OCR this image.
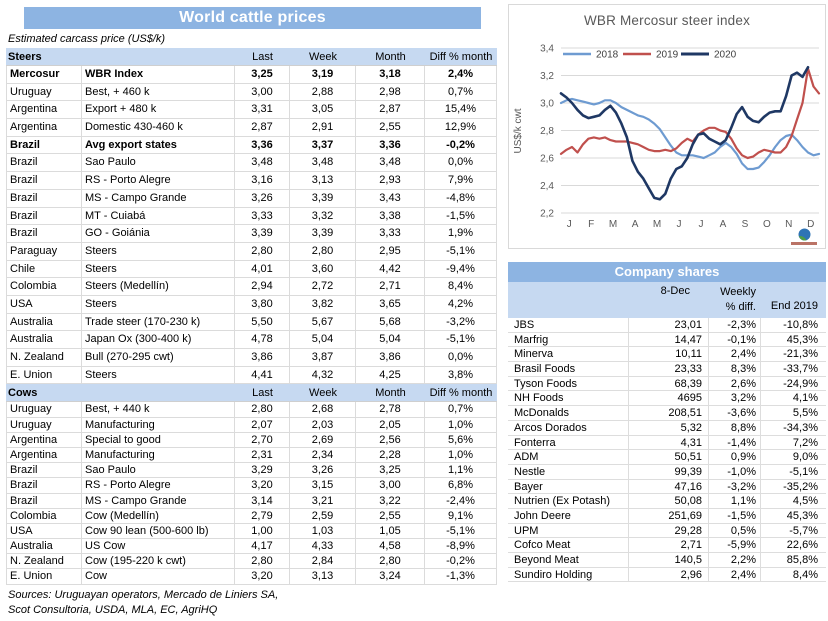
World cattle prices
Estimated carcass price (US$/k)
Steers	Last	Week	Month	Diff % month
Mercosur	WBR Index	3,25	3,19	3,18	2,4%
Uruguay	Best, + 460 k	3,00	2,88	2,98	0,7%
Argentina	Export + 480 k	3,31	3,05	2,87	15,4%
Argentina	Domestic 430-460 k	2,87	2,91	2,55	12,9%
Brazil	Avg export states	3,36	3,37	3,36	-0,2%
Brazil	Sao Paulo	3,48	3,48	3,48	0,0%
Brazil	RS - Porto Alegre	3,16	3,13	2,93	7,9%
Brazil	MS - Campo Grande	3,26	3,39	3,43	-4,8%
Brazil	MT - Cuiabá	3,33	3,32	3,38	-1,5%
Brazil	GO - Goiánia	3,39	3,39	3,33	1,9%
Paraguay	Steers	2,80	2,80	2,95	-5,1%
Chile	Steers	4,01	3,60	4,42	-9,4%
Colombia	Steers (Medellín)	2,94	2,72	2,71	8,4%
USA	Steers	3,80	3,82	3,65	4,2%
Australia	Trade steer (170-230 k)	5,50	5,67	5,68	-3,2%
Australia	Japan Ox (300-400 k)	4,78	5,04	5,04	-5,1%
N. Zealand	Bull (270-295 cwt)	3,86	3,87	3,86	0,0%
E. Union	Steers	4,41	4,32	4,25	3,8%
Cows	Last	Week	Month	Diff % month
Uruguay	Best, + 440 k	2,80	2,68	2,78	0,7%
Uruguay	Manufacturing	2,07	2,03	2,05	1,0%
Argentina	Special to good	2,70	2,69	2,56	5,6%
Argentina	Manufacturing	2,31	2,34	2,28	1,0%
Brazil	Sao Paulo	3,29	3,26	3,25	1,1%
Brazil	RS - Porto Alegre	3,20	3,15	3,00	6,8%
Brazil	MS - Campo Grande	3,14	3,21	3,22	-2,4%
Colombia	Cow (Medellín)	2,79	2,59	2,55	9,1%
USA	Cow 90 lean (500-600 lb)	1,00	1,03	1,05	-5,1%
Australia	US Cow	4,17	4,33	4,58	-8,9%
N. Zealand	Cow (195-220 k cwt)	2,80	2,84	2,80	-0,2%
E. Union	Cow	3,20	3,13	3,24	-1,3%
Sources: Uruguayan operators, Mercado de Liniers SA,
Scot Consultoria, USDA, MLA, EC, AgriHQ
WBR Mercosur steer index
2,2
2,4
2,6
2,8
3,0
3,2
3,4
J F M A M J J A S O N D
US$/k cwt
2018	2019	2020
Company shares
8-Dec	Weekly
% diff.	End 2019
JBS	23,01	-2,3%	-10,8%
Marfrig	14,47	-0,1%	45,3%
Minerva	10,11	2,4%	-21,3%
Brasil Foods	23,33	8,3%	-33,7%
Tyson Foods	68,39	2,6%	-24,9%
NH Foods	4695	3,2%	4,1%
McDonalds	208,51	-3,6%	5,5%
Arcos Dorados	5,32	8,8%	-34,3%
Fonterra	4,31	-1,4%	7,2%
ADM	50,51	0,9%	9,0%
Nestle	99,39	-1,0%	-5,1%
Bayer	47,16	-3,2%	-35,2%
Nutrien (Ex Potash)	50,08	1,1%	4,5%
John Deere	251,69	-1,5%	45,3%
UPM	29,28	0,5%	-5,7%
Cofco Meat	2,71	-5,9%	22,6%
Beyond Meat	140,5	2,2%	85,8%
Sundiro Holding	2,96	2,4%	8,4%
